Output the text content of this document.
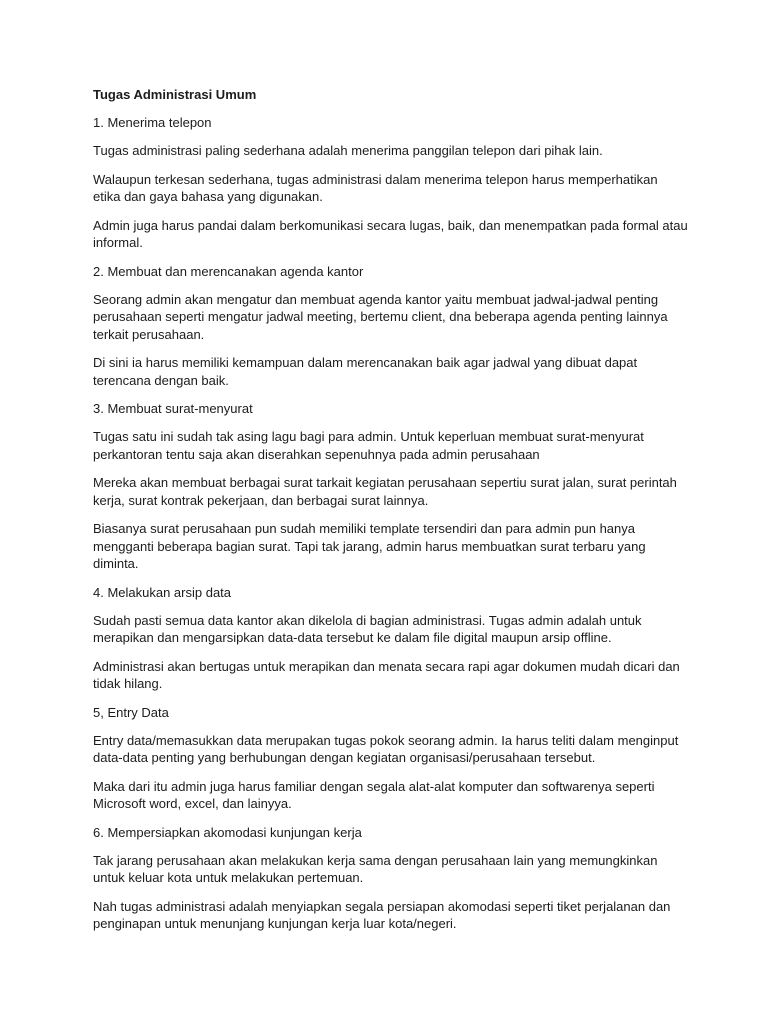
Tugas Administrasi Umum

1. Menerima telepon

Tugas administrasi paling sederhana adalah menerima panggilan telepon dari pihak lain.

Walaupun terkesan sederhana, tugas administrasi dalam menerima telepon harus memperhatikan etika dan gaya bahasa yang digunakan.

Admin juga harus pandai dalam berkomunikasi secara lugas, baik, dan menempatkan pada formal atau informal.

2. Membuat dan merencanakan agenda kantor

Seorang admin akan mengatur dan membuat agenda kantor yaitu membuat jadwal-jadwal penting perusahaan seperti mengatur jadwal meeting, bertemu client, dna beberapa agenda penting lainnya terkait perusahaan.

Di sini ia harus memiliki kemampuan dalam merencanakan baik agar jadwal yang dibuat dapat terencana dengan baik.

3. Membuat surat-menyurat

Tugas satu ini sudah tak asing lagu bagi para admin. Untuk keperluan membuat surat-menyurat perkantoran tentu saja akan diserahkan sepenuhnya pada admin perusahaan

Mereka akan membuat berbagai surat tarkait kegiatan perusahaan sepertiu surat jalan, surat perintah kerja, surat kontrak pekerjaan, dan berbagai surat lainnya.

Biasanya surat perusahaan pun sudah memiliki template tersendiri dan para admin pun hanya mengganti beberapa bagian surat. Tapi tak jarang, admin harus membuatkan surat terbaru yang diminta.

4. Melakukan arsip data

Sudah pasti semua data kantor akan dikelola di bagian administrasi. Tugas admin adalah untuk merapikan dan mengarsipkan data-data tersebut ke dalam file digital maupun arsip offline.

Administrasi akan bertugas untuk merapikan dan menata secara rapi agar dokumen mudah dicari dan tidak hilang.

5, Entry Data

Entry data/memasukkan data merupakan tugas pokok seorang admin. Ia harus teliti dalam menginput data-data penting yang berhubungan dengan kegiatan organisasi/perusahaan tersebut.

Maka dari itu admin juga harus familiar dengan segala alat-alat komputer dan softwarenya seperti Microsoft word, excel, dan lainyya.

6. Mempersiapkan akomodasi kunjungan kerja

Tak jarang perusahaan akan melakukan kerja sama dengan perusahaan lain yang memungkinkan untuk keluar kota untuk melakukan pertemuan.

Nah tugas administrasi adalah menyiapkan segala persiapan akomodasi seperti tiket perjalanan dan penginapan untuk menunjang kunjungan kerja luar kota/negeri.
